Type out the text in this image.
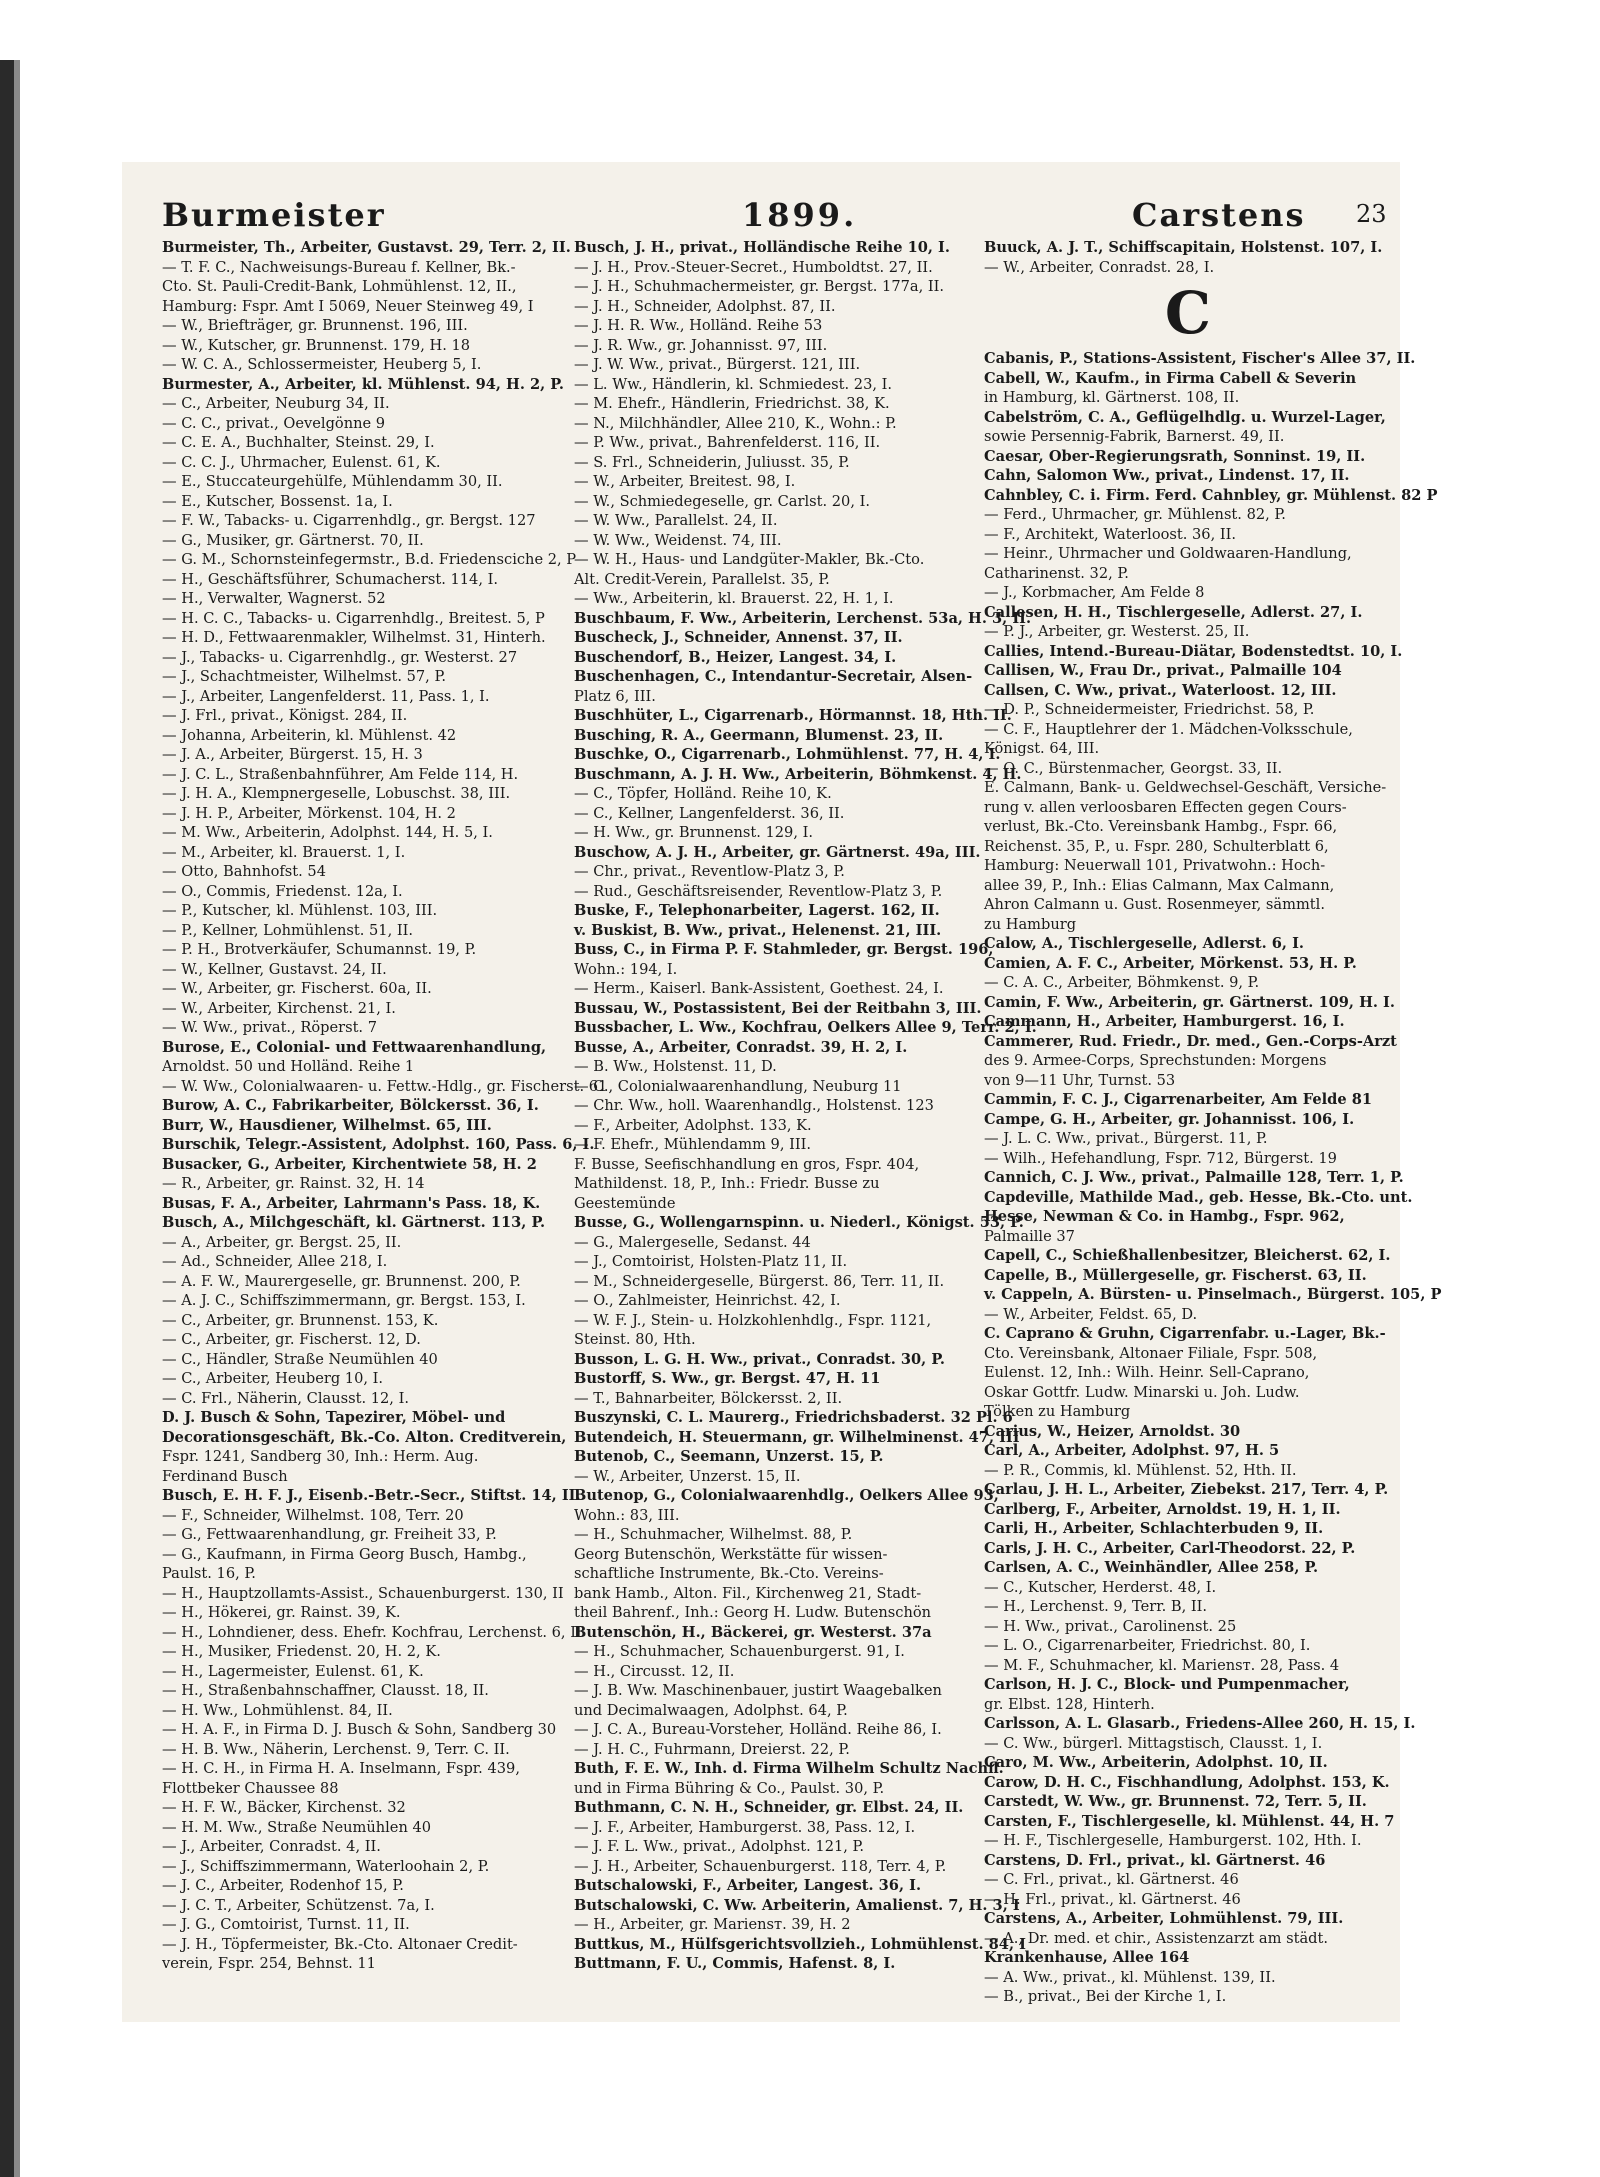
Burmeister	1899.	Carstens 23
Burmeister, Th., Arbeiter, Gustavst. 29, Terr. 2, II.
— T. F. C., Nachweisungs-Bureau f. Kellner, Bk.-
Cto. St. Pauli-Credit-Bank, Lohmühlenst. 12, II.,
Hamburg: Fspr. Amt I 5069, Neuer Steinweg 49, I
— W., Briefträger, gr. Brunnenst. 196, III.
— W., Kutscher, gr. Brunnenst. 179, H. 18
— W. C. A., Schlossermeister, Heuberg 5, I.
Burmester, A., Arbeiter, kl. Mühlenst. 94, H. 2, P.
— C., Arbeiter, Neuburg 34, II.
— C. C., privat., Oevelgönne 9
— C. E. A., Buchhalter, Steinst. 29, I.
— C. C. J., Uhrmacher, Eulenst. 61, K.
— E., Stuccateurgehülfe, Mühlendamm 30, II.
— E., Kutscher, Bossenst. 1a, I.
— F. W., Tabacks- u. Cigarrenhdlg., gr. Bergst. 127
— G., Musiker, gr. Gärtnerst. 70, II.
— G. M., Schornsteinfegermstr., B.d. Friedensciche 2, P
— H., Geschäftsführer, Schumacherst. 114, I.
— H., Verwalter, Wagnerst. 52
— H. C. C., Tabacks- u. Cigarrenhdlg., Breitest. 5, P
— H. D., Fettwaarenmakler, Wilhelmst. 31, Hinterh.
— J., Tabacks- u. Cigarrenhdlg., gr. Westerst. 27
— J., Schachtmeister, Wilhelmst. 57, P.
— J., Arbeiter, Langenfelderst. 11, Pass. 1, I.
— J. Frl., privat., Königst. 284, II.
— Johanna, Arbeiterin, kl. Mühlenst. 42
— J. A., Arbeiter, Bürgerst. 15, H. 3
— J. C. L., Straßenbahnführer, Am Felde 114, H.
— J. H. A., Klempnergeselle, Lobuschst. 38, III.
— J. H. P., Arbeiter, Mörkenst. 104, H. 2
— M. Ww., Arbeiterin, Adolphst. 144, H. 5, I.
— M., Arbeiter, kl. Brauerst. 1, I.
— Otto, Bahnhofst. 54
— O., Commis, Friedenst. 12a, I.
— P., Kutscher, kl. Mühlenst. 103, III.
— P., Kellner, Lohmühlenst. 51, II.
— P. H., Brotverkäufer, Schumannst. 19, P.
— W., Kellner, Gustavst. 24, II.
— W., Arbeiter, gr. Fischerst. 60a, II.
— W., Arbeiter, Kirchenst. 21, I.
— W. Ww., privat., Röperst. 7
Burose, E., Colonial- und Fettwaarenhandlung,
Arnoldst. 50 und Holländ. Reihe 1
— W. Ww., Colonialwaaren- u. Fettw.-Hdlg., gr. Fischerst. 61
Burow, A. C., Fabrikarbeiter, Bölckersst. 36, I.
Burr, W., Hausdiener, Wilhelmst. 65, III.
Burschik, Telegr.-Assistent, Adolphst. 160, Pass. 6, I.
Busacker, G., Arbeiter, Kirchentwiete 58, H. 2
— R., Arbeiter, gr. Rainst. 32, H. 14
Busas, F. A., Arbeiter, Lahrmann's Pass. 18, K.
Busch, A., Milchgeschäft, kl. Gärtnerst. 113, P.
— A., Arbeiter, gr. Bergst. 25, II.
— Ad., Schneider, Allee 218, I.
— A. F. W., Maurergeselle, gr. Brunnenst. 200, P.
— A. J. C., Schiffszimmermann, gr. Bergst. 153, I.
— C., Arbeiter, gr. Brunnenst. 153, K.
— C., Arbeiter, gr. Fischerst. 12, D.
— C., Händler, Straße Neumühlen 40
— C., Arbeiter, Heuberg 10, I.
— C. Frl., Näherin, Clausst. 12, I.
D. J. Busch & Sohn, Tapezirer, Möbel- und
Decorationsgeschäft, Bk.-Co. Alton. Creditverein,
Fspr. 1241, Sandberg 30, Inh.: Herm. Aug.
Ferdinand Busch
Busch, E. H. F. J., Eisenb.-Betr.-Secr., Stiftst. 14, II.
— F., Schneider, Wilhelmst. 108, Terr. 20
— G., Fettwaarenhandlung, gr. Freiheit 33, P.
— G., Kaufmann, in Firma Georg Busch, Hambg.,
Paulst. 16, P.
— H., Hauptzollamts-Assist., Schauenburgerst. 130, II
— H., Hökerei, gr. Rainst. 39, K.
— H., Lohndiener, dess. Ehefr. Kochfrau, Lerchenst. 6, II
— H., Musiker, Friedenst. 20, H. 2, K.
— H., Lagermeister, Eulenst. 61, K.
— H., Straßenbahnschaffner, Clausst. 18, II.
— H. Ww., Lohmühlenst. 84, II.
— H. A. F., in Firma D. J. Busch & Sohn, Sandberg 30
— H. B. Ww., Näherin, Lerchenst. 9, Terr. C. II.
— H. C. H., in Firma H. A. Inselmann, Fspr. 439,
Flottbeker Chaussee 88
— H. F. W., Bäcker, Kirchenst. 32
— H. M. Ww., Straße Neumühlen 40
— J., Arbeiter, Conradst. 4, II.
— J., Schiffszimmermann, Waterloohain 2, P.
— J. C., Arbeiter, Rodenhof 15, P.
— J. C. T., Arbeiter, Schützenst. 7a, I.
— J. G., Comtoirist, Turnst. 11, II.
— J. H., Töpfermeister, Bk.-Cto. Altonaer Credit-
verein, Fspr. 254, Behnst. 11
Busch, J. H., privat., Holländische Reihe 10, I.
— J. H., Prov.-Steuer-Secret., Humboldtst. 27, II.
— J. H., Schuhmachermeister, gr. Bergst. 177a, II.
— J. H., Schneider, Adolphst. 87, II.
— J. H. R. Ww., Holländ. Reihe 53
— J. R. Ww., gr. Johannisst. 97, III.
— J. W. Ww., privat., Bürgerst. 121, III.
— L. Ww., Händlerin, kl. Schmiedest. 23, I.
— M. Ehefr., Händlerin, Friedrichst. 38, K.
— N., Milchhändler, Allee 210, K., Wohn.: P.
— P. Ww., privat., Bahrenfelderst. 116, II.
— S. Frl., Schneiderin, Juliusst. 35, P.
— W., Arbeiter, Breitest. 98, I.
— W., Schmiedegeselle, gr. Carlst. 20, I.
— W. Ww., Parallelst. 24, II.
— W. Ww., Weidenst. 74, III.
— W. H., Haus- und Landgüter-Makler, Bk.-Cto.
Alt. Credit-Verein, Parallelst. 35, P.
— Ww., Arbeiterin, kl. Brauerst. 22, H. 1, I.
Buschbaum, F. Ww., Arbeiterin, Lerchenst. 53a, H. 3, II.
Buscheck, J., Schneider, Annenst. 37, II.
Buschendorf, B., Heizer, Langest. 34, I.
Buschenhagen, C., Intendantur-Secretair, Alsen-
Platz 6, III.
Buschhüter, L., Cigarrenarb., Hörmannst. 18, Hth. II.
Busching, R. A., Geermann, Blumenst. 23, II.
Buschke, O., Cigarrenarb., Lohmühlenst. 77, H. 4, I.
Buschmann, A. J. H. Ww., Arbeiterin, Böhmkenst. 4, II.
— C., Töpfer, Holländ. Reihe 10, K.
— C., Kellner, Langenfelderst. 36, II.
— H. Ww., gr. Brunnenst. 129, I.
Buschow, A. J. H., Arbeiter, gr. Gärtnerst. 49a, III.
— Chr., privat., Reventlow-Platz 3, P.
— Rud., Geschäftsreisender, Reventlow-Platz 3, P.
Buske, F., Telephonarbeiter, Lagerst. 162, II.
v. Buskist, B. Ww., privat., Helenenst. 21, III.
Buss, C., in Firma P. F. Stahmleder, gr. Bergst. 196,
Wohn.: 194, I.
— Herm., Kaiserl. Bank-Assistent, Goethest. 24, I.
Bussau, W., Postassistent, Bei der Reitbahn 3, III.
Bussbacher, L. Ww., Kochfrau, Oelkers Allee 9, Terr. 2, I.
Busse, A., Arbeiter, Conradst. 39, H. 2, I.
— B. Ww., Holstenst. 11, D.
— C., Colonialwaarenhandlung, Neuburg 11
— Chr. Ww., holl. Waarenhandlg., Holstenst. 123
— F., Arbeiter, Adolphst. 133, K.
— F. Ehefr., Mühlendamm 9, III.
F. Busse, Seefischhandlung en gros, Fspr. 404,
Mathildenst. 18, P., Inh.: Friedr. Busse zu
Geestemünde
Busse, G., Wollengarnspinn. u. Niederl., Königst. 53, P.
— G., Malergeselle, Sedanst. 44
— J., Comtoirist, Holsten-Platz 11, II.
— M., Schneidergeselle, Bürgerst. 86, Terr. 11, II.
— O., Zahlmeister, Heinrichst. 42, I.
— W. F. J., Stein- u. Holzkohlenhdlg., Fspr. 1121,
Steinst. 80, Hth.
Busson, L. G. H. Ww., privat., Conradst. 30, P.
Bustorff, S. Ww., gr. Bergst. 47, H. 11
— T., Bahnarbeiter, Bölckersst. 2, II.
Buszynski, C. L. Maurerg., Friedrichsbaderst. 32 Pl. 6
Butendeich, H. Steuermann, gr. Wilhelminenst. 47, III
Butenob, C., Seemann, Unzerst. 15, P.
— W., Arbeiter, Unzerst. 15, II.
Butenop, G., Colonialwaarenhdlg., Oelkers Allee 93,
Wohn.: 83, III.
— H., Schuhmacher, Wilhelmst. 88, P.
Georg Butenschön, Werkstätte für wissen-
schaftliche Instrumente, Bk.-Cto. Vereins-
bank Hamb., Alton. Fil., Kirchenweg 21, Stadt-
theil Bahrenf., Inh.: Georg H. Ludw. Butenschön
Butenschön, H., Bäckerei, gr. Westerst. 37a
— H., Schuhmacher, Schauenburgerst. 91, I.
— H., Circusst. 12, II.
— J. B. Ww. Maschinenbauer, justirt Waagebalken
und Decimalwaagen, Adolphst. 64, P.
— J. C. A., Bureau-Vorsteher, Holländ. Reihe 86, I.
— J. H. C., Fuhrmann, Dreierst. 22, P.
Buth, F. E. W., Inh. d. Firma Wilhelm Schultz Nachfl.
und in Firma Bühring & Co., Paulst. 30, P.
Buthmann, C. N. H., Schneider, gr. Elbst. 24, II.
— J. F., Arbeiter, Hamburgerst. 38, Pass. 12, I.
— J. F. L. Ww., privat., Adolphst. 121, P.
— J. H., Arbeiter, Schauenburgerst. 118, Terr. 4, P.
Butschalowski, F., Arbeiter, Langest. 36, I.
Butschalowski, C. Ww. Arbeiterin, Amalienst. 7, H. 3, I
— H., Arbeiter, gr. Mariensт. 39, H. 2
Buttkus, M., Hülfsgerichtsvollzieh., Lohmühlenst. 84, I
Buttmann, F. U., Commis, Hafenst. 8, I.
Buuck, A. J. T., Schiffscapitain, Holstenst. 107, I.
— W., Arbeiter, Conradst. 28, I.
C
Cabanis, P., Stations-Assistent, Fischer's Allee 37, II.
Cabell, W., Kaufm., in Firma Cabell & Severin
in Hamburg, kl. Gärtnerst. 108, II.
Cabelström, C. A., Geflügelhdlg. u. Wurzel-Lager,
sowie Persennig-Fabrik, Barnerst. 49, II.
Caesar, Ober-Regierungsrath, Sonninst. 19, II.
Cahn, Salomon Ww., privat., Lindenst. 17, II.
Cahnbley, C. i. Firm. Ferd. Cahnbley, gr. Mühlenst. 82 P
— Ferd., Uhrmacher, gr. Mühlenst. 82, P.
— F., Architekt, Waterloost. 36, II.
— Heinr., Uhrmacher und Goldwaaren-Handlung,
Catharinenst. 32, P.
— J., Korbmacher, Am Felde 8
Callesen, H. H., Tischlergeselle, Adlerst. 27, I.
— P. J., Arbeiter, gr. Westerst. 25, II.
Callies, Intend.-Bureau-Diätar, Bodenstedtst. 10, I.
Callisen, W., Frau Dr., privat., Palmaille 104
Callsen, C. Ww., privat., Waterloost. 12, III.
— D. P., Schneidermeister, Friedrichst. 58, P.
— C. F., Hauptlehrer der 1. Mädchen-Volksschule,
Königst. 64, III.
— O. C., Bürstenmacher, Georgst. 33, II.
E. Calmann, Bank- u. Geldwechsel-Geschäft, Versiche-
rung v. allen verloosbaren Effecten gegen Cours-
verlust, Bk.-Cto. Vereinsbank Hambg., Fspr. 66,
Reichenst. 35, P., u. Fspr. 280, Schulterblatt 6,
Hamburg: Neuerwall 101, Privatwohn.: Hoch-
allee 39, P., Inh.: Elias Calmann, Max Calmann,
Ahron Calmann u. Gust. Rosenmeyer, sämmtl.
zu Hamburg
Calow, A., Tischlergeselle, Adlerst. 6, I.
Camien, A. F. C., Arbeiter, Mörkenst. 53, H. P.
— C. A. C., Arbeiter, Böhmkenst. 9, P.
Camin, F. Ww., Arbeiterin, gr. Gärtnerst. 109, H. I.
Cammann, H., Arbeiter, Hamburgerst. 16, I.
Cammerer, Rud. Friedr., Dr. med., Gen.-Corps-Arzt
des 9. Armee-Corps, Sprechstunden: Morgens
von 9—11 Uhr, Turnst. 53
Cammin, F. C. J., Cigarrenarbeiter, Am Felde 81
Campe, G. H., Arbeiter, gr. Johannisst. 106, I.
— J. L. C. Ww., privat., Bürgerst. 11, P.
— Wilh., Hefehandlung, Fspr. 712, Bürgerst. 19
Cannich, C. J. Ww., privat., Palmaille 128, Terr. 1, P.
Capdeville, Mathilde Mad., geb. Hesse, Bk.-Cto. unt.
Hesse, Newman & Co. in Hambg., Fspr. 962,
Palmaille 37
Capell, C., Schießhallenbesitzer, Bleicherst. 62, I.
Capelle, B., Müllergeselle, gr. Fischerst. 63, II.
v. Cappeln, A. Bürsten- u. Pinselmach., Bürgerst. 105, P
— W., Arbeiter, Feldst. 65, D.
C. Caprano & Gruhn, Cigarrenfabr. u.-Lager, Bk.-
Cto. Vereinsbank, Altonaer Filiale, Fspr. 508,
Eulenst. 12, Inh.: Wilh. Heinr. Sell-Caprano,
Oskar Gottfr. Ludw. Minarski u. Joh. Ludw.
Tölken zu Hamburg
Carius, W., Heizer, Arnoldst. 30
Carl, A., Arbeiter, Adolphst. 97, H. 5
— P. R., Commis, kl. Mühlenst. 52, Hth. II.
Carlau, J. H. L., Arbeiter, Ziebekst. 217, Terr. 4, P.
Carlberg, F., Arbeiter, Arnoldst. 19, H. 1, II.
Carli, H., Arbeiter, Schlachterbuden 9, II.
Carls, J. H. C., Arbeiter, Carl-Theodorst. 22, P.
Carlsen, A. C., Weinhändler, Allee 258, P.
— C., Kutscher, Herderst. 48, I.
— H., Lerchenst. 9, Terr. B, II.
— H. Ww., privat., Carolinenst. 25
— L. O., Cigarrenarbeiter, Friedrichst. 80, I.
— M. F., Schuhmacher, kl. Mariensт. 28, Pass. 4
Carlson, H. J. C., Block- und Pumpenmacher,
gr. Elbst. 128, Hinterh.
Carlsson, A. L. Glasarb., Friedens-Allee 260, H. 15, I.
— C. Ww., bürgerl. Mittagstisch, Clausst. 1, I.
Caro, M. Ww., Arbeiterin, Adolphst. 10, II.
Carow, D. H. C., Fischhandlung, Adolphst. 153, K.
Carstedt, W. Ww., gr. Brunnenst. 72, Terr. 5, II.
Carsten, F., Tischlergeselle, kl. Mühlenst. 44, H. 7
— H. F., Tischlergeselle, Hamburgerst. 102, Hth. I.
Carstens, D. Frl., privat., kl. Gärtnerst. 46
— C. Frl., privat., kl. Gärtnerst. 46
— H. Frl., privat., kl. Gärtnerst. 46
Carstens, A., Arbeiter, Lohmühlenst. 79, III.
— A., Dr. med. et chir., Assistenzarzt am städt.
Krankenhause, Allee 164
— A. Ww., privat., kl. Mühlenst. 139, II.
— B., privat., Bei der Kirche 1, I.
